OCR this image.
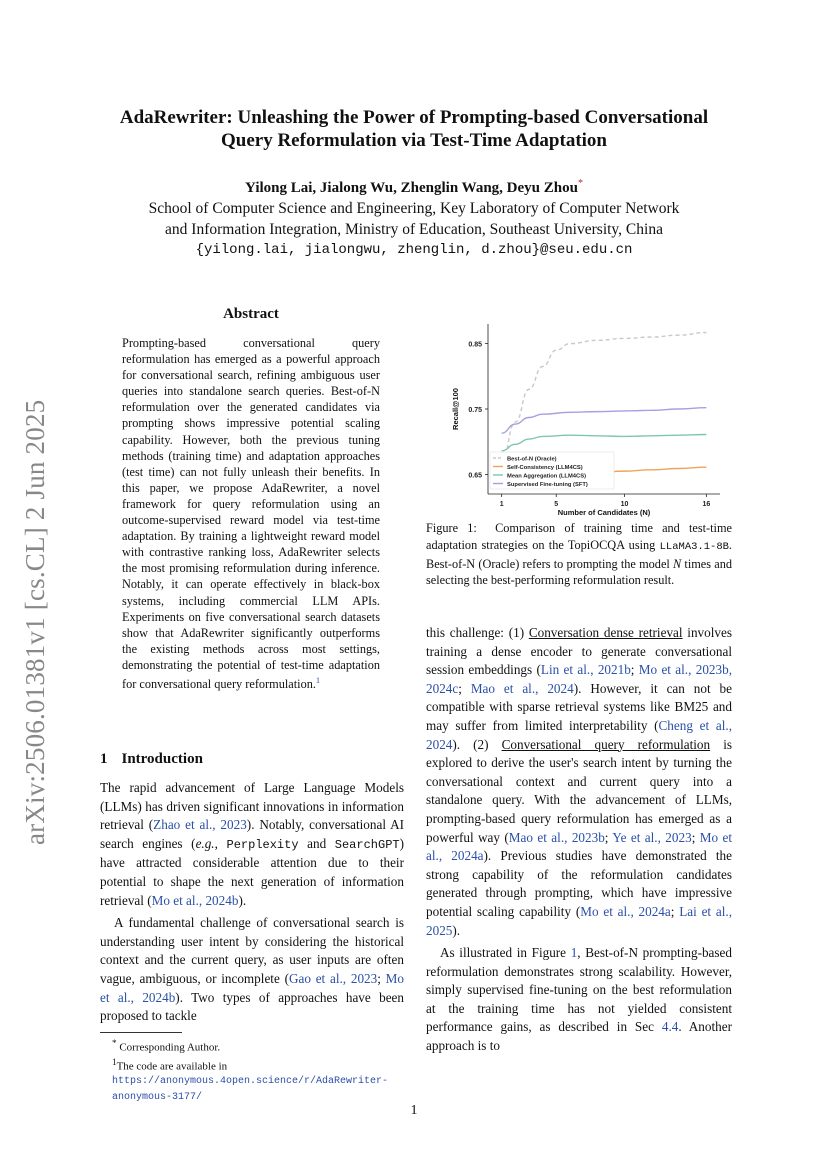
AdaRewriter: Unleashing the Power of Prompting-based Conversational
Query Reformulation via Test-Time Adaptation
Yilong Lai, Jialong Wu, Zhenglin Wang, Deyu Zhou*
School of Computer Science and Engineering, Key Laboratory of Computer Network
and Information Integration, Ministry of Education, Southeast University, China
{yilong.lai, jialongwu, zhenglin, d.zhou}@seu.edu.cn
arXiv:2506.01381v1 [cs.CL] 2 Jun 2025
Abstract
Prompting-based conversational query reformulation has emerged as a powerful approach for conversational search, refining ambiguous user queries into standalone search queries. Best-of-N reformulation over the generated candidates via prompting shows impressive potential scaling capability. However, both the previous tuning methods (training time) and adaptation approaches (test time) can not fully unleash their benefits. In this paper, we propose AdaRewriter, a novel framework for query reformulation using an outcome-supervised reward model via test-time adaptation. By training a lightweight reward model with contrastive ranking loss, AdaRewriter selects the most promising reformulation during inference. Notably, it can operate effectively in black-box systems, including commercial LLM APIs. Experiments on five conversational search datasets show that AdaRewriter significantly outperforms the existing methods across most settings, demonstrating the potential of test-time adaptation for conversational query reformulation.$^1$
1 Introduction

The rapid advancement of Large Language Models (LLMs) has driven significant innovations in information retrieval (Zhao et al., 2023). Notably, conversational AI search engines (e.g., Perplexity and SearchGPT) have attracted considerable attention due to their potential to shape the next generation of information retrieval (Mo et al., 2024b).

A fundamental challenge of conversational search is understanding user intent by considering the historical context and the current query, as user inputs are often vague, ambiguous, or incomplete (Gao et al., 2023; Mo et al., 2024b). Two types of approaches have been proposed to tackle

* Corresponding Author.
$^1$The code are available in https://anonymous.4open.science/r/AdaRewriter-anonymous-3177/
0.65
0.75
0.85
1	5	10	16
Number of Candidates (N)
Recall@100
Best-of-N (Oracle)
Self-Consistency (LLM4CS)
Mean Aggregation (LLM4CS)
Supervised Fine-tuning (SFT)
Figure 1: Comparison of training time and test-time adaptation strategies on the TopiOCQA using LLaMA3.1-8B. Best-of-N (Oracle) refers to prompting the model N times and selecting the best-performing reformulation result.

this challenge: (1) Conversation dense retrieval involves training a dense encoder to generate conversational session embeddings (Lin et al., 2021b; Mo et al., 2023b, 2024c; Mao et al., 2024). However, it can not be compatible with sparse retrieval systems like BM25 and may suffer from limited interpretability (Cheng et al., 2024). (2) Conversational query reformulation is explored to derive the user's search intent by turning the conversational context and current query into a standalone query. With the advancement of LLMs, prompting-based query reformulation has emerged as a powerful way (Mao et al., 2023b; Ye et al., 2023; Mo et al., 2024a). Previous studies have demonstrated the strong capability of the reformulation candidates generated through prompting, which have impressive potential scaling capability (Mo et al., 2024a; Lai et al., 2025).

As illustrated in Figure 1, Best-of-N prompting-based reformulation demonstrates strong scalability. However, simply supervised fine-tuning on the best reformulation at the training time has not yielded consistent performance gains, as described in Sec 4.4. Another approach is to

1
